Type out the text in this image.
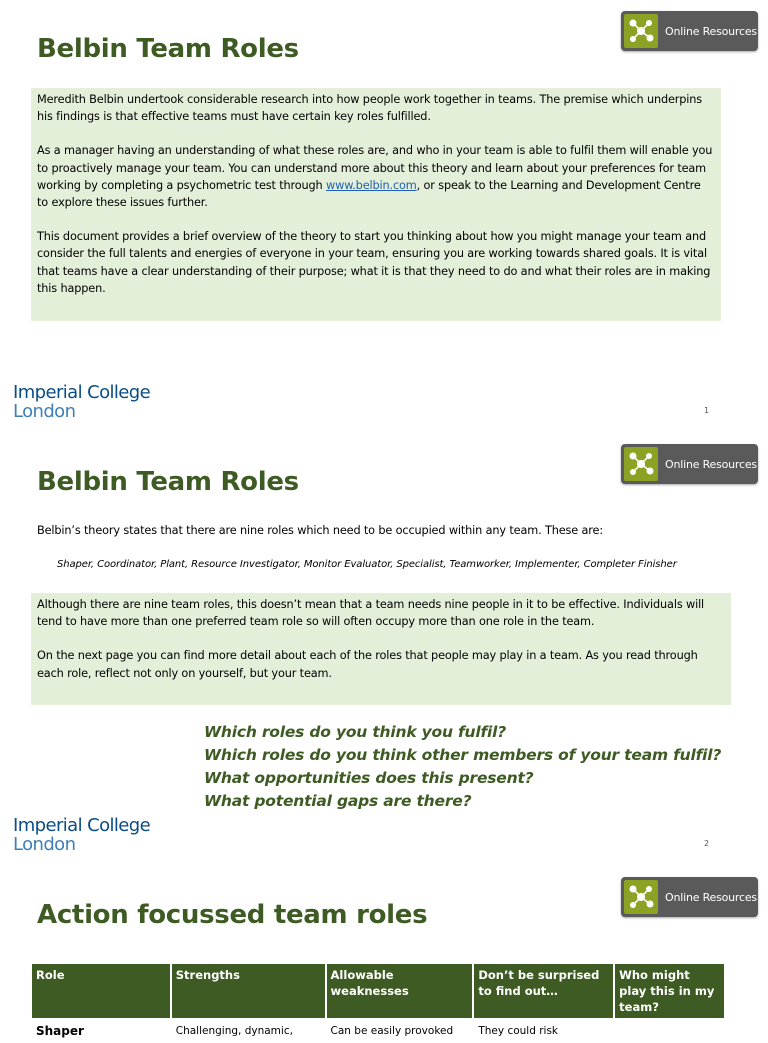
Online Resources
Belbin Team Roles

Meredith Belbin undertook considerable research into how people work together in teams. The premise which underpins his findings is that effective teams must have certain key roles fulfilled.

As a manager having an understanding of what these roles are, and who in your team is able to fulfil them will enable you to proactively manage your team. You can understand more about this theory and learn about your preferences for team working by completing a psychometric test through www.belbin.com, or speak to the Learning and Development Centre to explore these issues further.

This document provides a brief overview of the theory to start you thinking about how you might manage your team and consider the full talents and energies of everyone in your team, ensuring you are working towards shared goals. It is vital that teams have a clear understanding of their purpose; what it is that they need to do and what their roles are in making this happen.

Imperial College
London	1
Online Resources
Belbin Team Roles
Belbin’s theory states that there are nine roles which need to be occupied within any team. These are:
Shaper, Coordinator, Plant, Resource Investigator, Monitor Evaluator, Specialist, Teamworker, Implementer, Completer Finisher

Although there are nine team roles, this doesn’t mean that a team needs nine people in it to be effective. Individuals will tend to have more than one preferred team role so will often occupy more than one role in the team.

On the next page you can find more detail about each of the roles that people may play in a team. As you read through each role, reflect not only on yourself, but your team.

Which roles do you think you fulfil?
Which roles do you think other members of your team fulfil?
What opportunities does this present?
What potential gaps are there?
Imperial College
London	2
Online Resources
Action focussed team roles
Role	Strengths	Allowable weaknesses	Don’t be surprised to find out…	Who might play this in my team?
Shaper	Challenging, dynamic,	Can be easily provoked	They could risk	
